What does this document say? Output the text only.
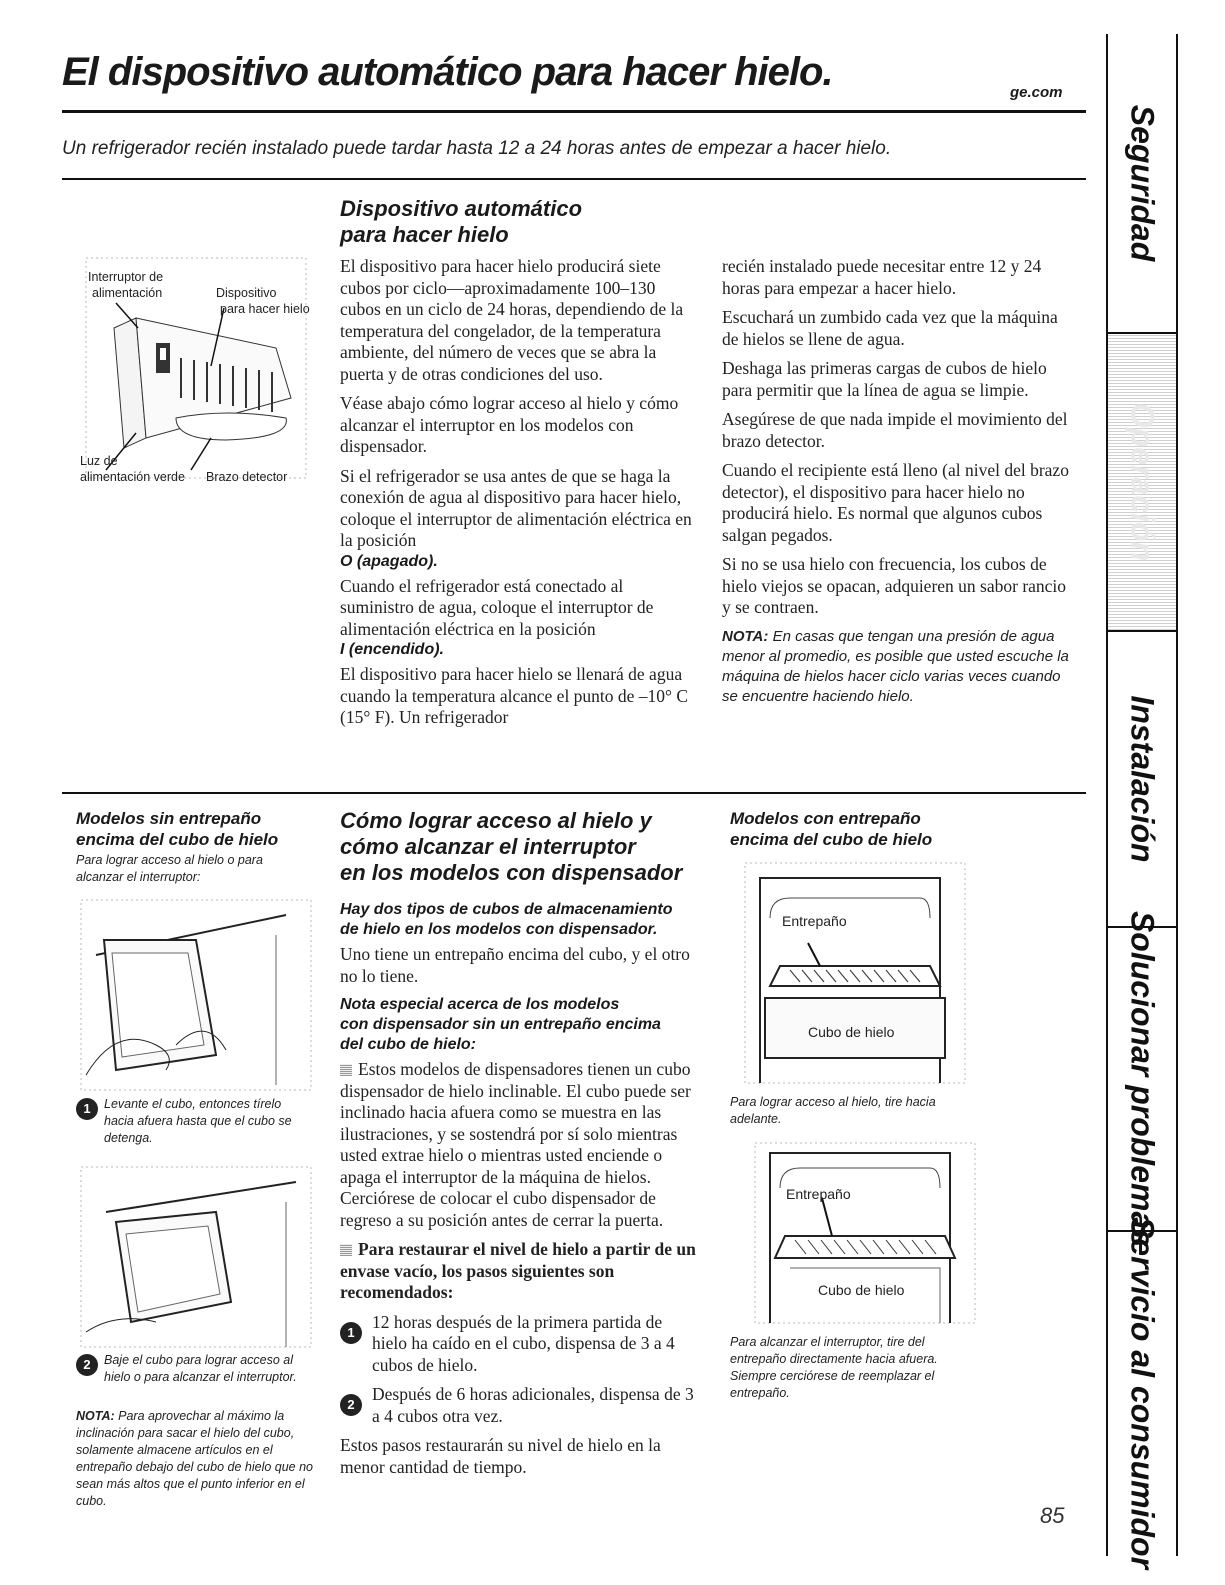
El dispositivo automático para hacer hielo.	ge.com
Un refrigerador recién instalado puede tardar hasta 12 a 24 horas antes de empezar a hacer hielo.
Interruptor de
alimentación	Dispositivo
para hacer hielo
Luz de
alimentación verde Brazo detector
Dispositivo automático
para hacer hielo

El dispositivo para hacer hielo producirá siete cubos por ciclo—aproximadamente 100–130 cubos en un ciclo de 24 horas, dependiendo de la temperatura del congelador, de la temperatura ambiente, del número de veces que se abra la puerta y de otras condiciones del uso.

Véase abajo cómo lograr acceso al hielo y cómo alcanzar el interruptor en los modelos con dispensador.

Si el refrigerador se usa antes de que se haga la conexión de agua al dispositivo para hacer hielo, coloque el interruptor de alimentación eléctrica en la posición

O (apagado).

Cuando el refrigerador está conectado al suministro de agua, coloque el interruptor de alimentación eléctrica en la posición

I (encendido).

El dispositivo para hacer hielo se llenará de agua cuando la temperatura alcance el punto de –10° C (15° F). Un refrigerador

recién instalado puede necesitar entre 12 y 24 horas para empezar a hacer hielo.

Escuchará un zumbido cada vez que la máquina de hielos se llene de agua.

Deshaga las primeras cargas de cubos de hielo para permitir que la línea de agua se limpie.

Asegúrese de que nada impide el movimiento del brazo detector.

Cuando el recipiente está lleno (al nivel del brazo detector), el dispositivo para hacer hielo no producirá hielo. Es normal que algunos cubos salgan pegados.

Si no se usa hielo con frecuencia, los cubos de hielo viejos se opacan, adquieren un sabor rancio y se contraen.

NOTA: En casas que tengan una presión de agua menor al promedio, es posible que usted escuche la máquina de hielos hacer ciclo varias veces cuando se encuentre haciendo hielo.
Modelos sin entrepaño
encima del cubo de hielo
Para lograr acceso al hielo o para alcanzar el interruptor:
1	Levante el cubo, entonces tírelo hacia afuera hasta que el cubo se detenga.
2	Baje el cubo para lograr acceso al hielo o para alcanzar el interruptor.
NOTA: Para aprovechar al máximo la inclinación para sacar el hielo del cubo, solamente almacene artículos en el entrepaño debajo del cubo de hielo que no sean más altos que el punto inferior en el cubo.
Cómo lograr acceso al hielo y
cómo alcanzar el interruptor
en los modelos con dispensador
Hay dos tipos de cubos de almacenamiento
de hielo en los modelos con dispensador.

Uno tiene un entrepaño encima del cubo, y el otro no lo tiene.

Nota especial acerca de los modelos
con dispensador sin un entrepaño encima
del cubo de hielo:

Estos modelos de dispensadores tienen un cubo dispensador de hielo inclinable. El cubo puede ser inclinado hacia afuera como se muestra en las ilustraciones, y se sostendrá por sí solo mientras usted extrae hielo o mientras usted enciende o apaga el interruptor de la máquina de hielos. Cerciórese de colocar el cubo dispensador de regreso a su posición antes de cerrar la puerta.

Para restaurar el nivel de hielo a partir de un envase vacío, los pasos siguientes son recomendados:

1

12 horas después de la primera partida de hielo ha caído en el cubo, dispensa de 3 a 4 cubos de hielo.

2

Después de 6 horas adicionales, dispensa de 3 a 4 cubos otra vez.

Estos pasos restaurarán su nivel de hielo en la menor cantidad de tiempo.

Modelos con entrepaño
encima del cubo de hielo
Entrepaño
Cubo de hielo
Para lograr acceso al hielo, tire hacia adelante.
Entrepaño
Cubo de hielo
Para alcanzar el interruptor, tire del entrepaño directamente hacia afuera. Siempre cerciórese de reemplazar el entrepaño.
Seguridad
Operación
Instalación
Solucionar problemas
Servicio al consumidor
85
